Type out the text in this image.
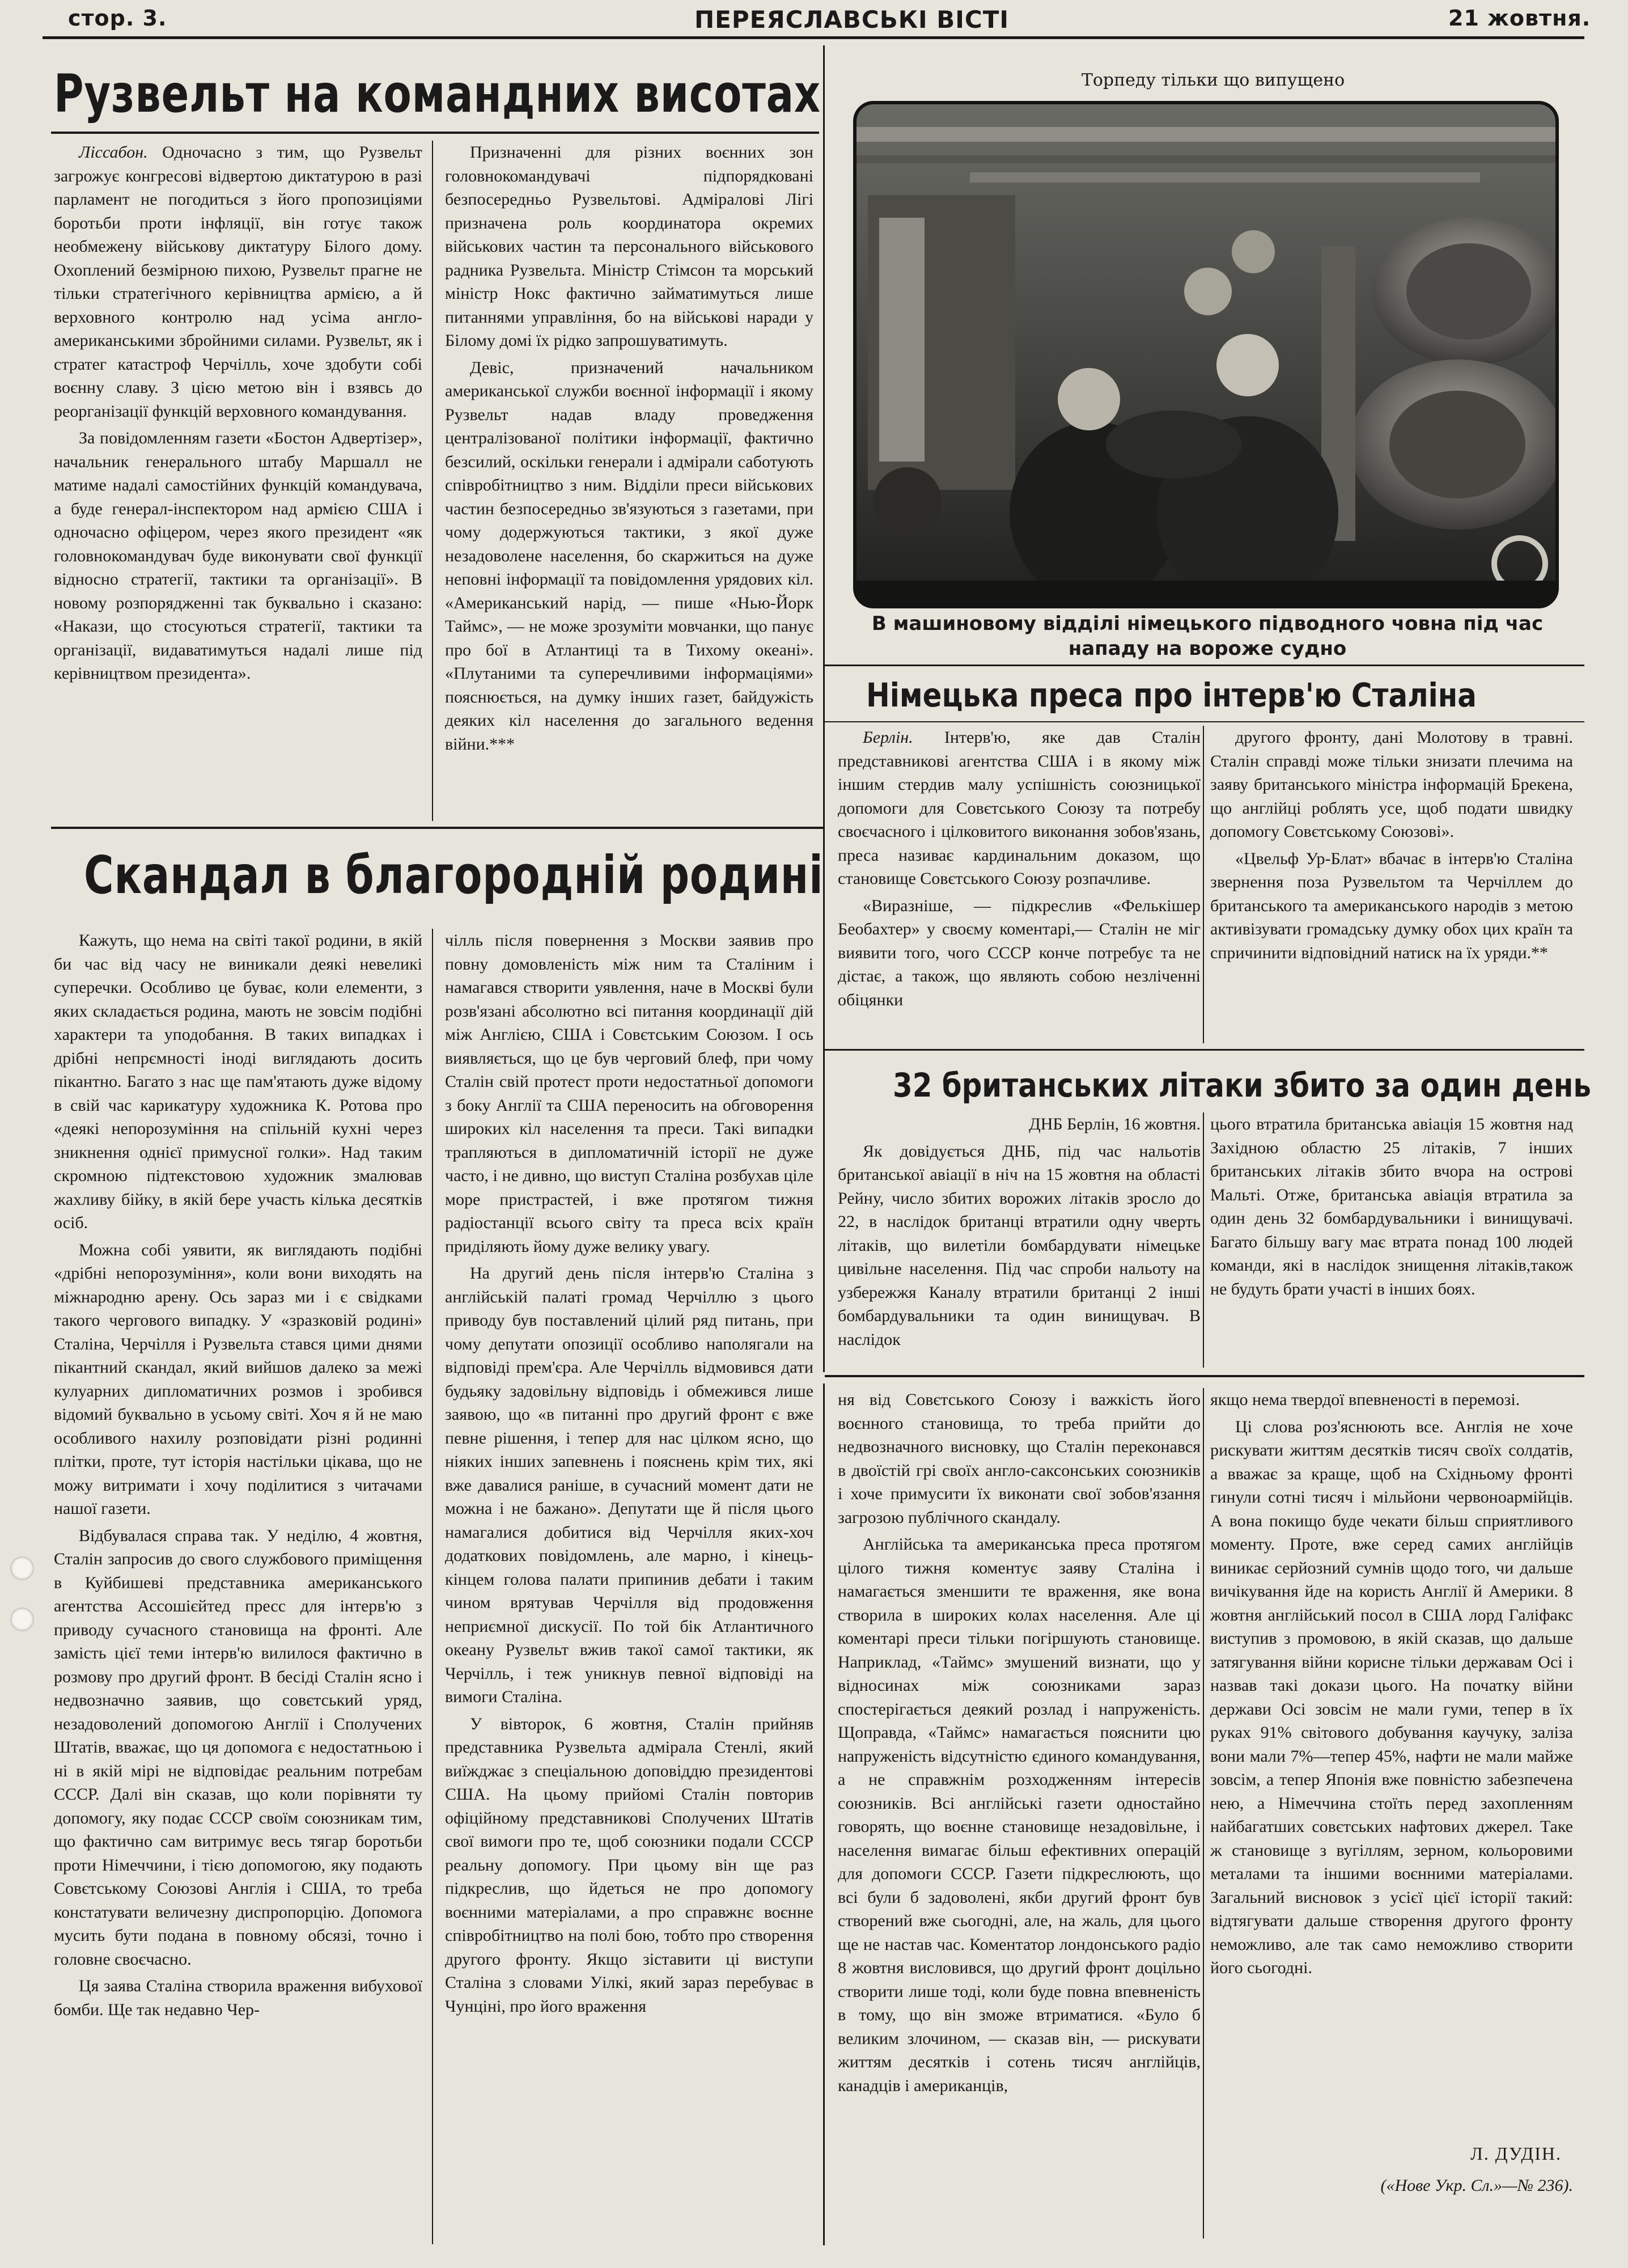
стор. 3.	ПЕРЕЯСЛАВСЬКІ ВІСТІ	21 жовтня.
Рузвельт на командних висотах

Ліссабон. Одночасно з тим, що Рузвельт загрожує конгресові відвертою диктатурою в разі парламент не погодиться з його пропозиціями боротьби проти інфляції, він готує також необмежену військову диктатуру Білого дому. Охоплений безмірною пихою, Рузвельт прагне не тільки стратегічного керівництва армією, а й верховного контролю над усіма англо-американськими збройними силами. Рузвельт, як і стратег катастроф Черчілль, хоче здобути собі воєнну славу. З цією метою він і взявсь до реорганізації функцій верховного командування.

За повідомленням газети «Бостон Адвертізер», начальник генерального штабу Маршалл не матиме надалі самостійних функцій командувача, а буде генерал-інспектором над армією США і одночасно офіцером, через якого президент «як головнокомандувач буде виконувати свої функції відносно стратегії, тактики та організації». В новому розпорядженні так буквально і сказано: «Накази, що стосуються стратегії, тактики та організації, видаватимуться надалі лише під керівництвом президента».

Призначенні для різних воєнних зон головнокомандувачі підпорядковані безпосередньо Рузвельтові. Адміралові Лігі призначена роль координатора окремих військових частин та персонального військового радника Рузвельта. Міністр Стімсон та морський міністр Нокс фактично займатимуться лише питаннями управління, бо на військові наради у Білому домі їх рідко запрошуватимуть.

Девіс, призначений начальником американської служби воєнної інформації і якому Рузвельт надав владу проведження централізованої політики інформації, фактично безсилий, оскільки генерали і адмірали саботують співробітництво з ним. Відділи преси військових частин безпосередньо зв'язуються з газетами, при чому додержуються тактики, з якої дуже незадоволене населення, бо скаржиться на дуже неповні інформації та повідомлення урядових кіл. «Американський нарід, — пише «Нью-Йорк Таймс», — не може зрозуміти мовчанки, що панує про бої в Атлантиці та в Тихому океані». «Плутаними та суперечливими інформаціями» пояснюється, на думку інших газет, байдужість деяких кіл населення до загального ведення війни.***

Торпеду тільки що випущено
В машиновому відділі німецького підводного човна під час нападу на вороже судно
Німецька преса про інтерв'ю Сталіна

Берлін. Інтерв'ю, яке дав Сталін представникові агентства США і в якому між іншим стердив малу успішність союзницької допомоги для Совєтського Союзу та потребу своєчасного і цілковитого виконання зобов'язань, преса називає кардинальним доказом, що становище Совєтського Союзу розпачливе.

«Виразніше, — підкреслив «Фелькішер Беобахтер» у своєму коментарі,— Сталін не міг виявити того, чого СССР конче потребує та не дістає, а також, що являють собою незліченні обіцянки

другого фронту, дані Молотову в травні. Сталін справді може тільки знизати плечима на заяву британського міністра інформацій Брекена, що англійці роблять усе, щоб подати швидку допомогу Совєтському Союзові».

«Цвельф Ур-Блат» вбачає в інтерв'ю Сталіна звернення поза Рузвельтом та Черчіллем до британського та американського народів з метою активізувати громадську думку обох цих країн та спричинити відповідний натиск на їх уряди.**

32 британських літаки збито за один день

ДНБ Берлін, 16 жовтня.

Як довідується ДНБ, під час нальотів британської авіації в ніч на 15 жовтня на області Рейну, число збитих ворожих літаків зросло до 22, в наслідок британці втратили одну чверть літаків, що вилетіли бомбардувати німецьке цивільне населення. Під час спроби нальоту на узбережжя Каналу втратили британці 2 інші бомбардувальники та один винищувач. В наслідок

цього втратила британська авіація 15 жовтня над Західною областю 25 літаків, 7 інших британських літаків збито вчора на острові Мальті. Отже, британська авіація втратила за один день 32 бомбардувальники і винищувачі. Багато більшу вагу має втрата понад 100 людей команди, які в наслідок знищення літаків,також не будуть брати участі в інших боях.

Скандал в благородній родині

Кажуть, що нема на світі такої родини, в якій би час від часу не виникали деякі невеликі суперечки. Особливо це буває, коли елементи, з яких складається родина, мають не зовсім подібні характери та уподобання. В таких випадках і дрібні непрємності іноді виглядають досить пікантно. Багато з нас ще пам'ятають дуже відому в свій час карикатуру художника К. Ротова про «деякі непорозуміння на спільній кухні через зникнення однієї примусної голки». Над таким скромною підтекстовою художник змалював жахливу бійку, в якій бере участь кілька десятків осіб.

Можна собі уявити, як виглядають подібні «дрібні непорозуміння», коли вони виходять на міжнародню арену. Ось зараз ми і є свідками такого чергового випадку. У «зразковій родині» Сталіна, Черчілля і Рузвельта стався цими днями пікантний скандал, який вийшов далеко за межі кулуарних дипломатичних розмов і зробився відомий буквально в усьому світі. Хоч я й не маю особливого нахилу розповідати різні родинні плітки, проте, тут історія настільки цікава, що не можу витримати і хочу поділитися з читачами нашої газети.

Відбувалася справа так. У неділю, 4 жовтня, Сталін запросив до свого службового приміщення в Куйбишеві представника американського агентства Ассошієйтед пресс для інтерв'ю з приводу сучасного становища на фронті. Але замість цієї теми інтерв'ю вилилося фактично в розмову про другий фронт. В бесіді Сталін ясно і недвозначно заявив, що совєтський уряд, незадоволений допомогою Англії і Сполучених Штатів, вважає, що ця допомога є недостатньою і ні в якій мірі не відповідає реальним потребам СССР. Далі він сказав, що коли порівняти ту допомогу, яку подає СССР своїм союзникам тим, що фактично сам витримує весь тягар боротьби проти Німеччини, і тією допомогою, яку подають Совєтському Союзові Англія і США, то треба констатувати величезну диспропорцію. Допомога мусить бути подана в повному обсязі, точно і головне своєчасно.

Ця заява Сталіна створила враження вибухової бомби. Ще так недавно Чер-

чілль після повернення з Москви заявив про повну домовленість між ним та Сталіним і намагався створити уявлення, наче в Москві були розв'язані абсолютно всі питання координації дій між Англією, США і Совєтським Союзом. І ось виявляється, що це був черговий блеф, при чому Сталін свій протест проти недостатньої допомоги з боку Англії та США переносить на обговорення широких кіл населення та преси. Такі випадки трапляються в дипломатичній історії не дуже часто, і не дивно, що виступ Сталіна розбухав ціле море пристрастей, і вже протягом тижня радіостанції всього світу та преса всіх країн приділяють йому дуже велику увагу.

На другий день після інтерв'ю Сталіна з англійській палаті громад Черчіллю з цього приводу був поставлений цілий ряд питань, при чому депутати опозиції особливо наполягали на відповіді прем'єра. Але Черчілль відмовився дати будьяку задовільну відповідь і обмежився лише заявою, що «в питанні про другий фронт є вже певне рішення, і тепер для нас цілком ясно, що ніяких інших запевнень і пояснень крім тих, які вже давалися раніше, в сучасний момент дати не можна і не бажано». Депутати ще й після цього намагалися добитися від Черчілля яких-хоч додаткових повідомлень, але марно, і кінець-кінцем голова палати припинив дебати і таким чином врятував Черчілля від продовження неприємної дискусії. По той бік Атлантичного океану Рузвельт вжив такої самої тактики, як Черчілль, і теж уникнув певної відповіді на вимоги Сталіна.

У вівторок, 6 жовтня, Сталін прийняв представника Рузвельта адмірала Стенлі, який виїжджає з спеціальною доповіддю президентові США. На цьому прийомі Сталін повторив офіційному представникові Сполучених Штатів свої вимоги про те, щоб союзники подали СССР реальну допомогу. При цьому він ще раз підкреслив, що йдеться не про допомогу воєнними матеріалами, а про справжнє воєнне співробітництво на полі бою, тобто про створення другого фронту. Якщо зіставити ці виступи Сталіна з словами Уілкі, який зараз перебуває в Чунціні, про його враження

ня від Совєтського Союзу і важкість його воєнного становища, то треба прийти до недвозначного висновку, що Сталін переконався в двоїстій грі своїх англо-саксонських союзників і хоче примусити їх виконати свої зобов'язання загрозою публічного скандалу.

Англійська та американська преса протягом цілого тижня коментує заяву Сталіна і намагається зменшити те враження, яке вона створила в широких колах населення. Але ці коментарі преси тільки погіршують становище. Наприклад, «Таймс» змушений визнати, що у відносинах між союзниками зараз спостерігається деякий розлад і напруженість. Щоправда, «Таймс» намагається пояснити цю напруженість відсутністю єдиного командування, а не справжнім розходженням інтересів союзників. Всі англійські газети одностайно говорять, що воєнне становище незадовільне, і населення вимагає більш ефективних операцій для допомоги СССР. Газети підкреслюють, що всі були б задоволені, якби другий фронт був створений вже сьогодні, але, на жаль, для цього ще не настав час. Коментатор лондонського радіо 8 жовтня висловився, що другий фронт доцільно створити лише тоді, коли буде повна впевненість в тому, що він зможе втриматися. «Було б великим злочином, — сказав він, — рискувати життям десятків і сотень тисяч англійців, канадців і американців,

якщо нема твердої впевненості в перемозі.

Ці слова роз'яснюють все. Англія не хоче рискувати життям десятків тисяч своїх солдатів, а вважає за краще, щоб на Східньому фронті гинули сотні тисяч і мільйони червоноармійців. А вона покищо буде чекати більш сприятливого моменту. Проте, вже серед самих англійців виникає серйозний сумнів щодо того, чи дальше вичікування йде на користь Англії й Америки. 8 жовтня англійський посол в США лорд Галіфакс виступив з промовою, в якій сказав, що дальше затягування війни корисне тільки державам Осі і назвав такі докази цього. На початку війни держави Осі зовсім не мали гуми, тепер в їх руках 91% світового добування каучуку, заліза вони мали 7%—тепер 45%, нафти не мали майже зовсім, а тепер Японія вже повністю забезпечена нею, а Німеччина стоїть перед захопленням найбагатших совєтських нафтових джерел. Таке ж становище з вугіллям, зерном, кольоровими металами та іншими воєнними матеріалами. Загальний висновок з усієї цієї історії такий: відтягувати дальше створення другого фронту неможливо, але так само неможливо створити його сьогодні.

Л. ДУДІН.
(«Нове Укр. Сл.»—№ 236).
